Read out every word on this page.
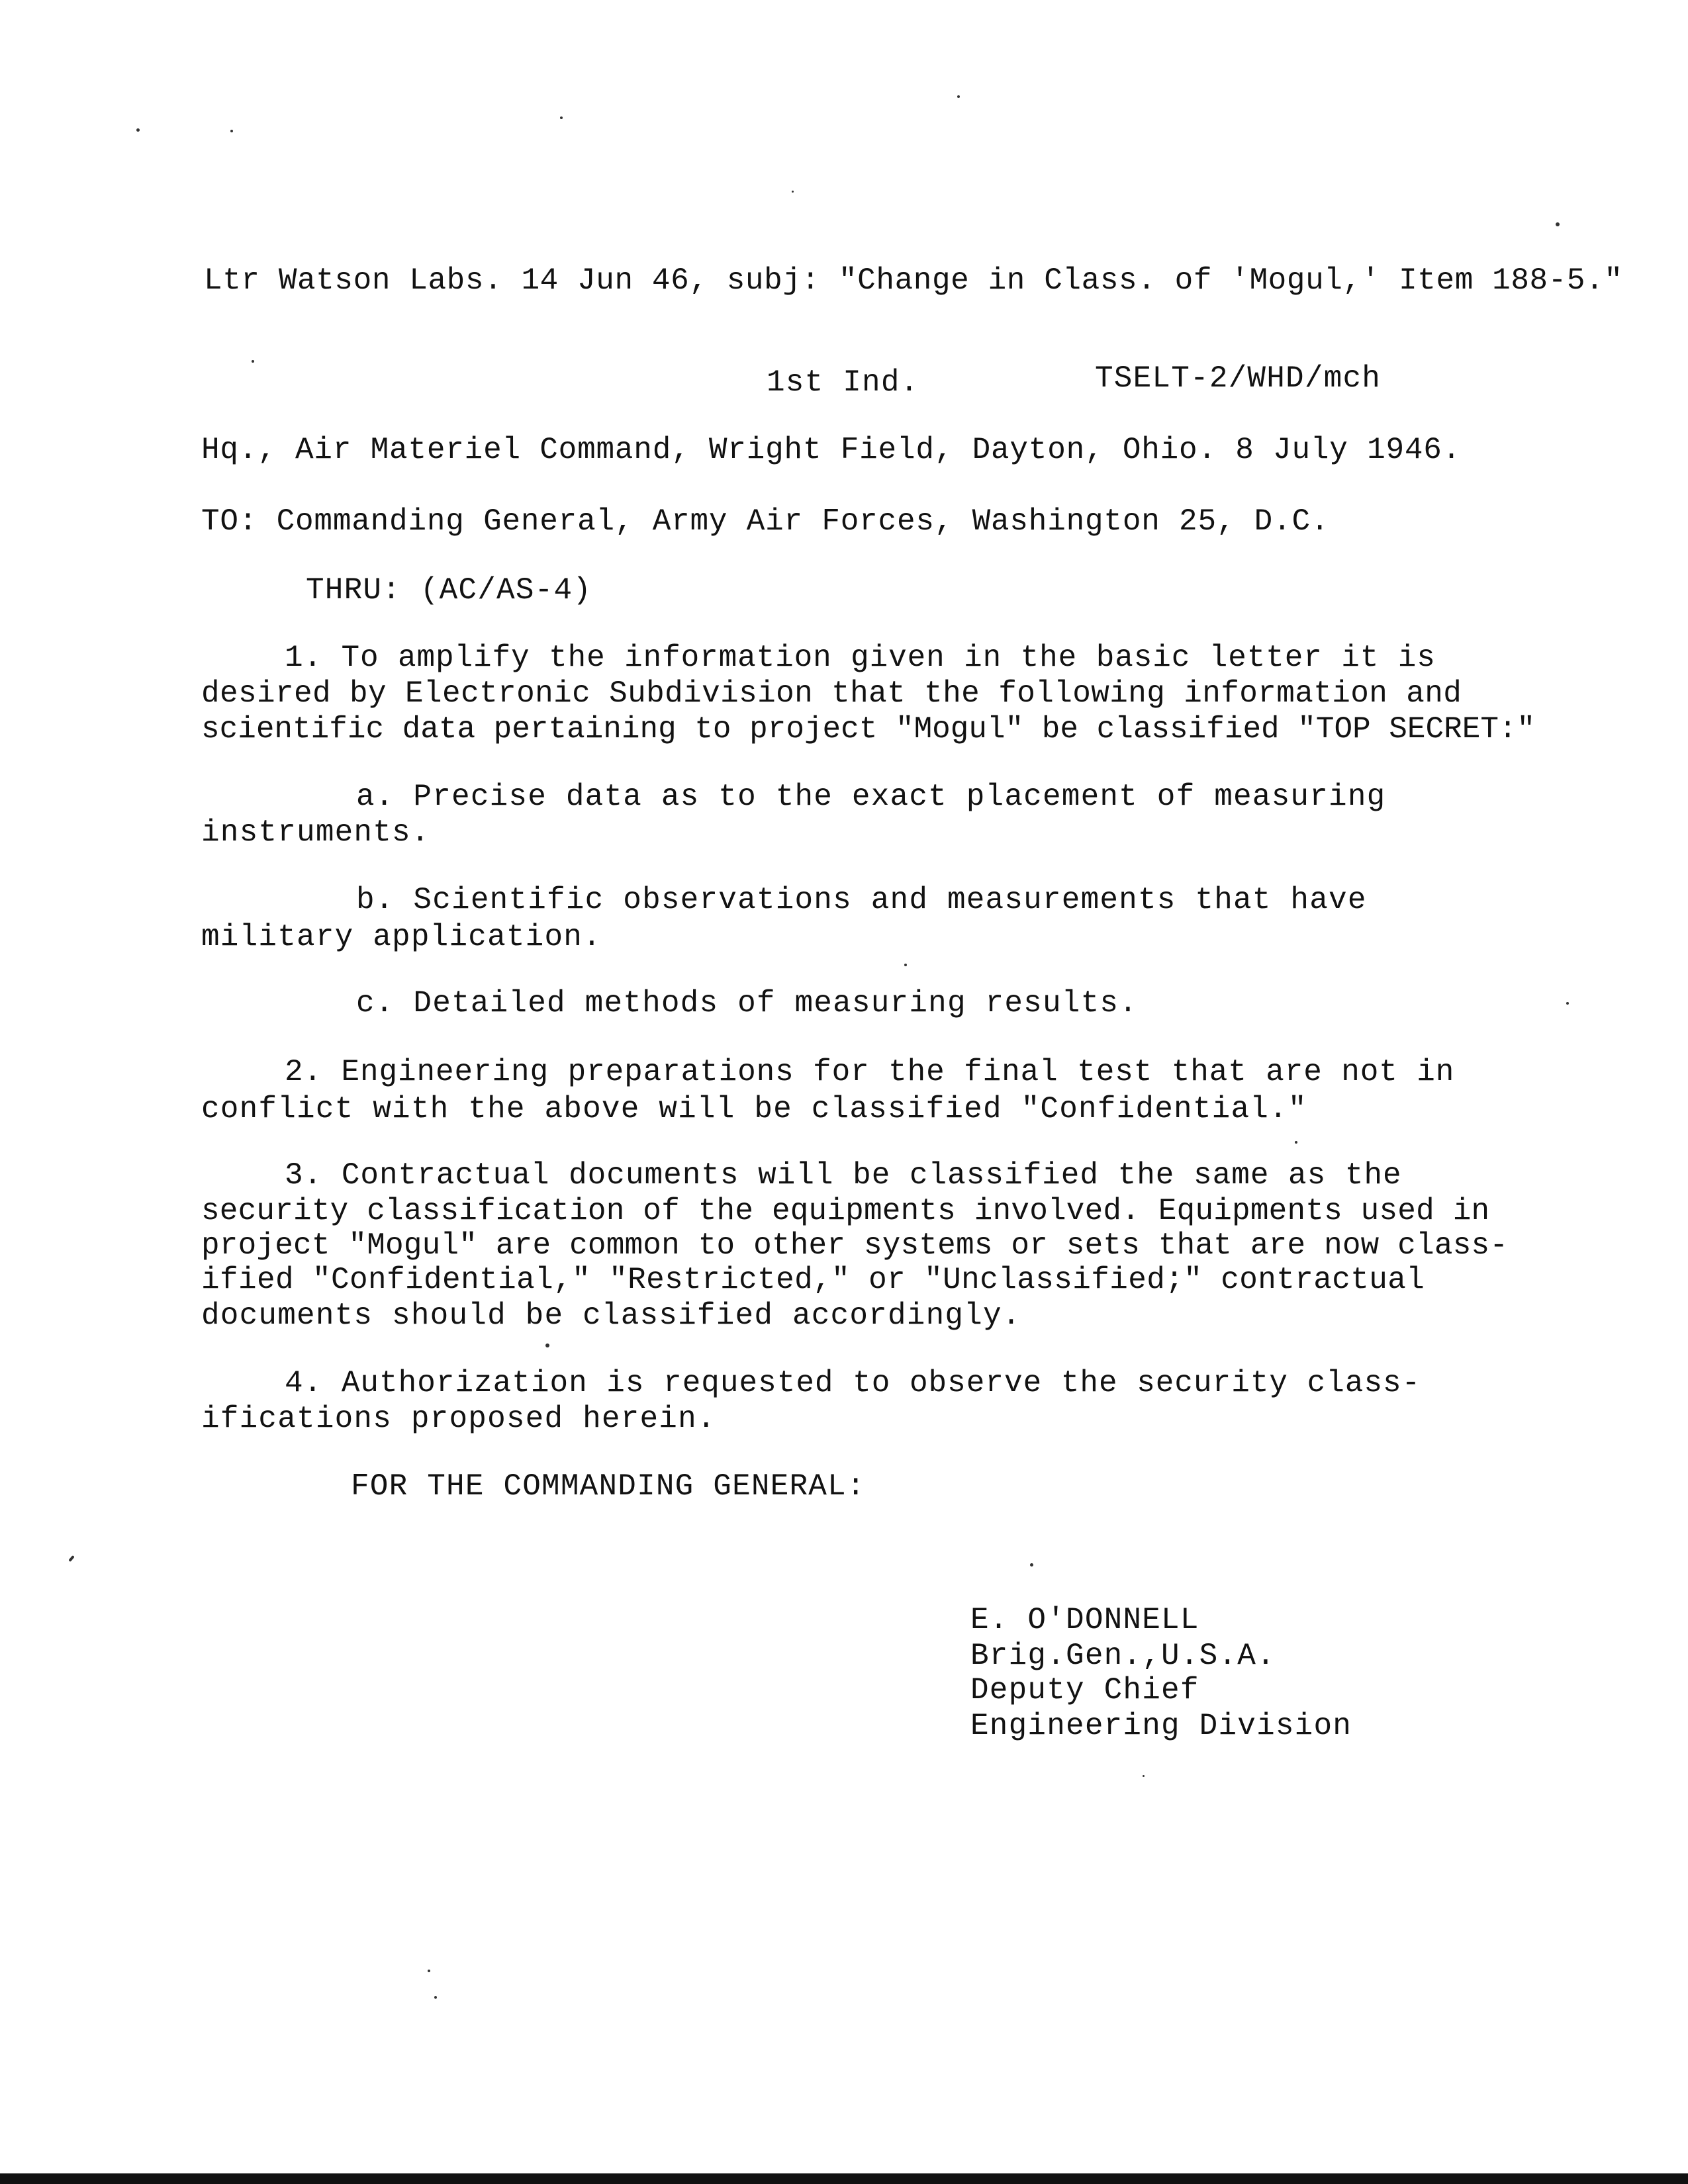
Ltr Watson Labs. 14 Jun 46, subj: "Change in Class. of 'Mogul,' Item 188-5."
1st Ind.	TSELT-2/WHD/mch
Hq., Air Materiel Command, Wright Field, Dayton, Ohio. 8 July 1946.
TO: Commanding General, Army Air Forces, Washington 25, D.C.
THRU: (AC/AS-4)
1. To amplify the information given in the basic letter it is
desired by Electronic Subdivision that the following information and
scientific data pertaining to project "Mogul" be classified "TOP SECRET:"
a. Precise data as to the exact placement of measuring
instruments.
b. Scientific observations and measurements that have
military application.
c. Detailed methods of measuring results.
2. Engineering preparations for the final test that are not in
conflict with the above will be classified "Confidential."
3. Contractual documents will be classified the same as the
security classification of the equipments involved. Equipments used in
project "Mogul" are common to other systems or sets that are now class-
ified "Confidential," "Restricted," or "Unclassified;" contractual
documents should be classified accordingly.
4. Authorization is requested to observe the security class-
ifications proposed herein.
FOR THE COMMANDING GENERAL:
E. O'DONNELL
Brig.Gen.,U.S.A.
Deputy Chief
Engineering Division
